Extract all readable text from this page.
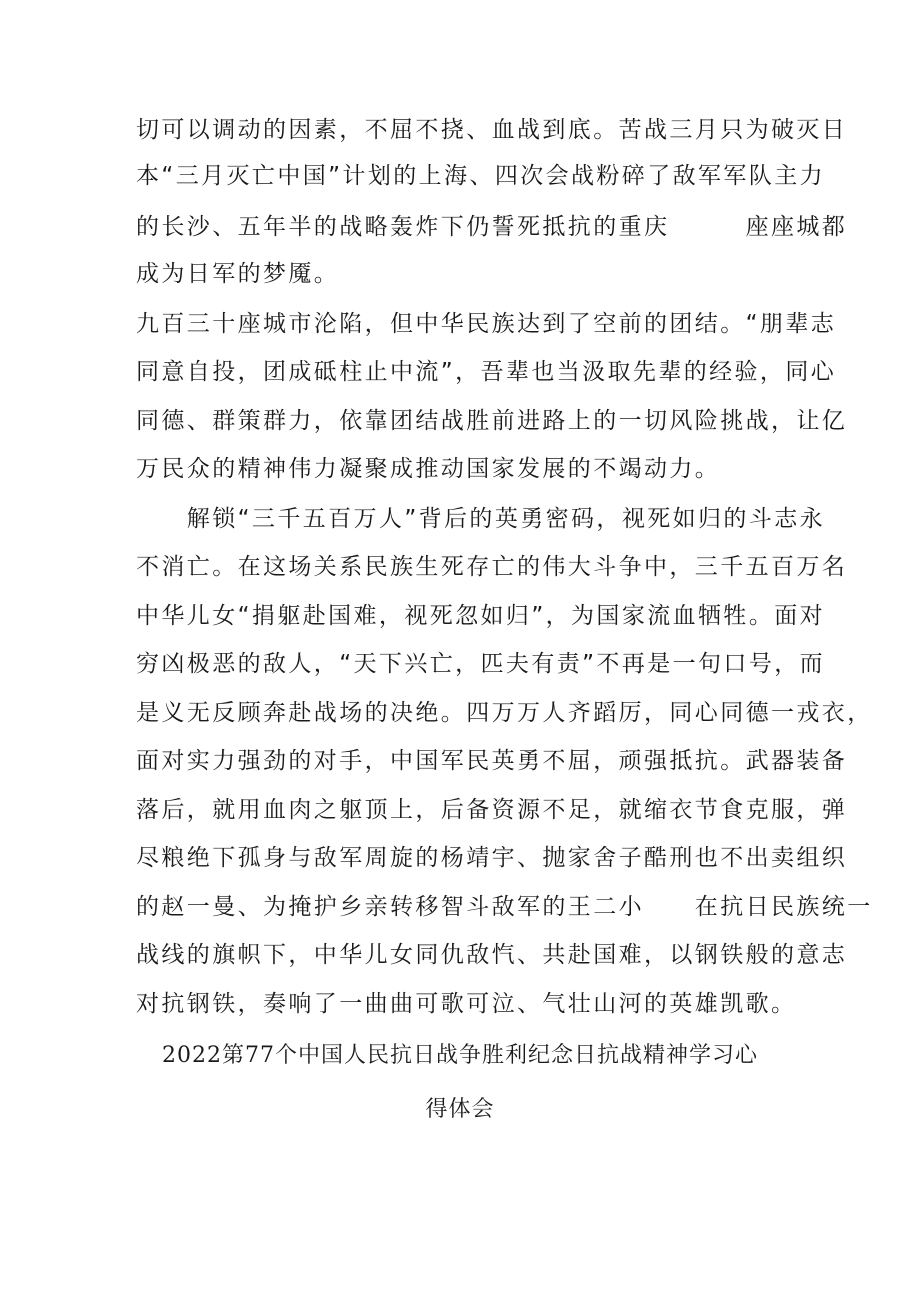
切可以调动的因素，不屈不挠、血战到底。苦战三月只为破灭日
本“三月灭亡中国”计划的上海、四次会战粉碎了敌军军队主力
的长沙、五年半的战略轰炸下仍誓死抵抗的重庆　　　座座城都
成为日军的梦魇。
九百三十座城市沦陷，但中华民族达到了空前的团结。“朋辈志
同意自投，团成砥柱止中流”，吾辈也当汲取先辈的经验，同心
同德、群策群力，依靠团结战胜前进路上的一切风险挑战，让亿
万民众的精神伟力凝聚成推动国家发展的不竭动力。
　　解锁“三千五百万人”背后的英勇密码，视死如归的斗志永
不消亡。在这场关系民族生死存亡的伟大斗争中，三千五百万名
中华儿女“捐躯赴国难，视死忽如归”，为国家流血牺牲。面对
穷凶极恶的敌人，“天下兴亡，匹夫有责”不再是一句口号，而
是义无反顾奔赴战场的决绝。四万万人齐蹈厉，同心同德一戎衣，
面对实力强劲的对手，中国军民英勇不屈，顽强抵抗。武器装备
落后，就用血肉之躯顶上，后备资源不足，就缩衣节食克服，弹
尽粮绝下孤身与敌军周旋的杨靖宇、抛家舍子酷刑也不出卖组织
的赵一曼、为掩护乡亲转移智斗敌军的王二小　　在抗日民族统一
战线的旗帜下，中华儿女同仇敌忾、共赴国难，以钢铁般的意志
对抗钢铁，奏响了一曲曲可歌可泣、气壮山河的英雄凯歌。
2022第77个中国人民抗日战争胜利纪念日抗战精神学习心
得体会
